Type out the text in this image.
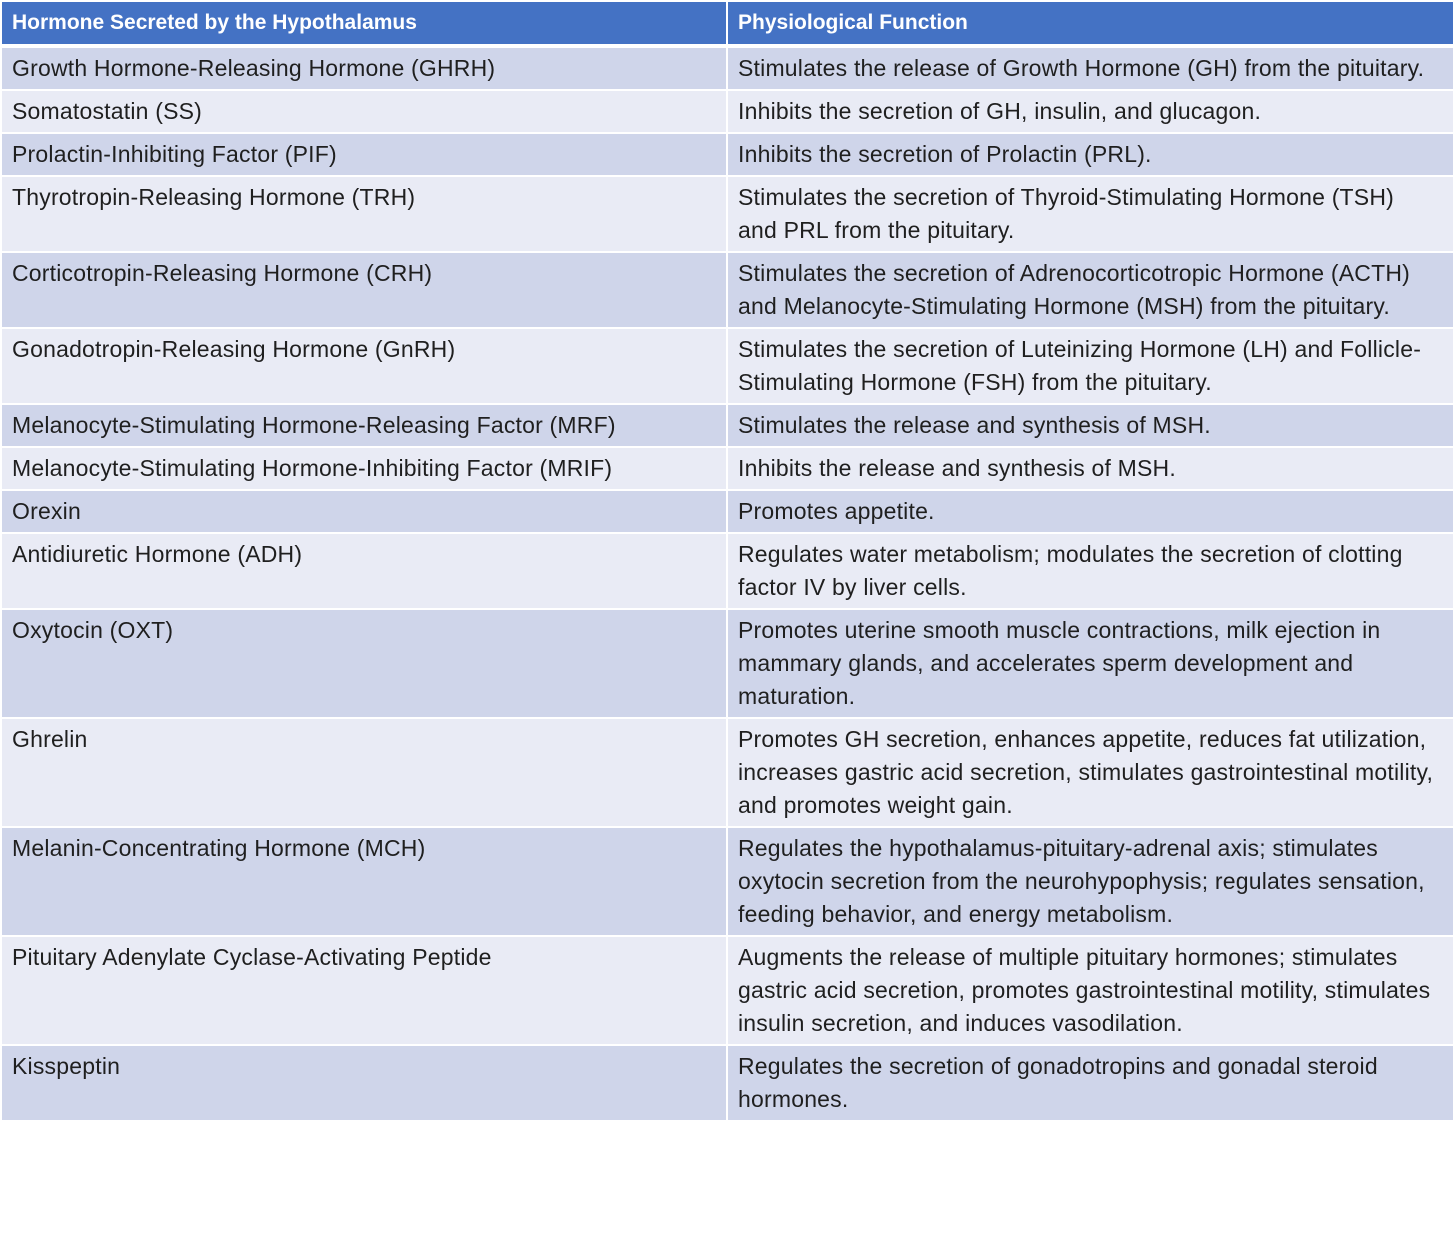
Hormone Secreted by the Hypothalamus	Physiological Function
Growth Hormone-Releasing Hormone (GHRH)	Stimulates the release of Growth Hormone (GH) from the pituitary.
Somatostatin (SS)	Inhibits the secretion of GH, insulin, and glucagon.
Prolactin-Inhibiting Factor (PIF)	Inhibits the secretion of Prolactin (PRL).
Thyrotropin-Releasing Hormone (TRH)	Stimulates the secretion of Thyroid-Stimulating Hormone (TSH) and PRL from the pituitary.
Corticotropin-Releasing Hormone (CRH)	Stimulates the secretion of Adrenocorticotropic Hormone (ACTH) and Melanocyte-Stimulating Hormone (MSH) from the pituitary.
Gonadotropin-Releasing Hormone (GnRH)	Stimulates the secretion of Luteinizing Hormone (LH) and Follicle-Stimulating Hormone (FSH) from the pituitary.
Melanocyte-Stimulating Hormone-Releasing Factor (MRF)	Stimulates the release and synthesis of MSH.
Melanocyte-Stimulating Hormone-Inhibiting Factor (MRIF)	Inhibits the release and synthesis of MSH.
Orexin	Promotes appetite.
Antidiuretic Hormone (ADH)	Regulates water metabolism; modulates the secretion of clotting factor IV by liver cells.
Oxytocin (OXT)	Promotes uterine smooth muscle contractions, milk ejection in mammary glands, and accelerates sperm development and maturation.
Ghrelin	Promotes GH secretion, enhances appetite, reduces fat utilization, increases gastric acid secretion, stimulates gastrointestinal motility, and promotes weight gain.
Melanin-Concentrating Hormone (MCH)	Regulates the hypothalamus-pituitary-adrenal axis; stimulates oxytocin secretion from the neurohypophysis; regulates sensation, feeding behavior, and energy metabolism.
Pituitary Adenylate Cyclase-Activating Peptide	Augments the release of multiple pituitary hormones; stimulates gastric acid secretion, promotes gastrointestinal motility, stimulates insulin secretion, and induces vasodilation.
Kisspeptin	Regulates the secretion of gonadotropins and gonadal steroid hormones.
